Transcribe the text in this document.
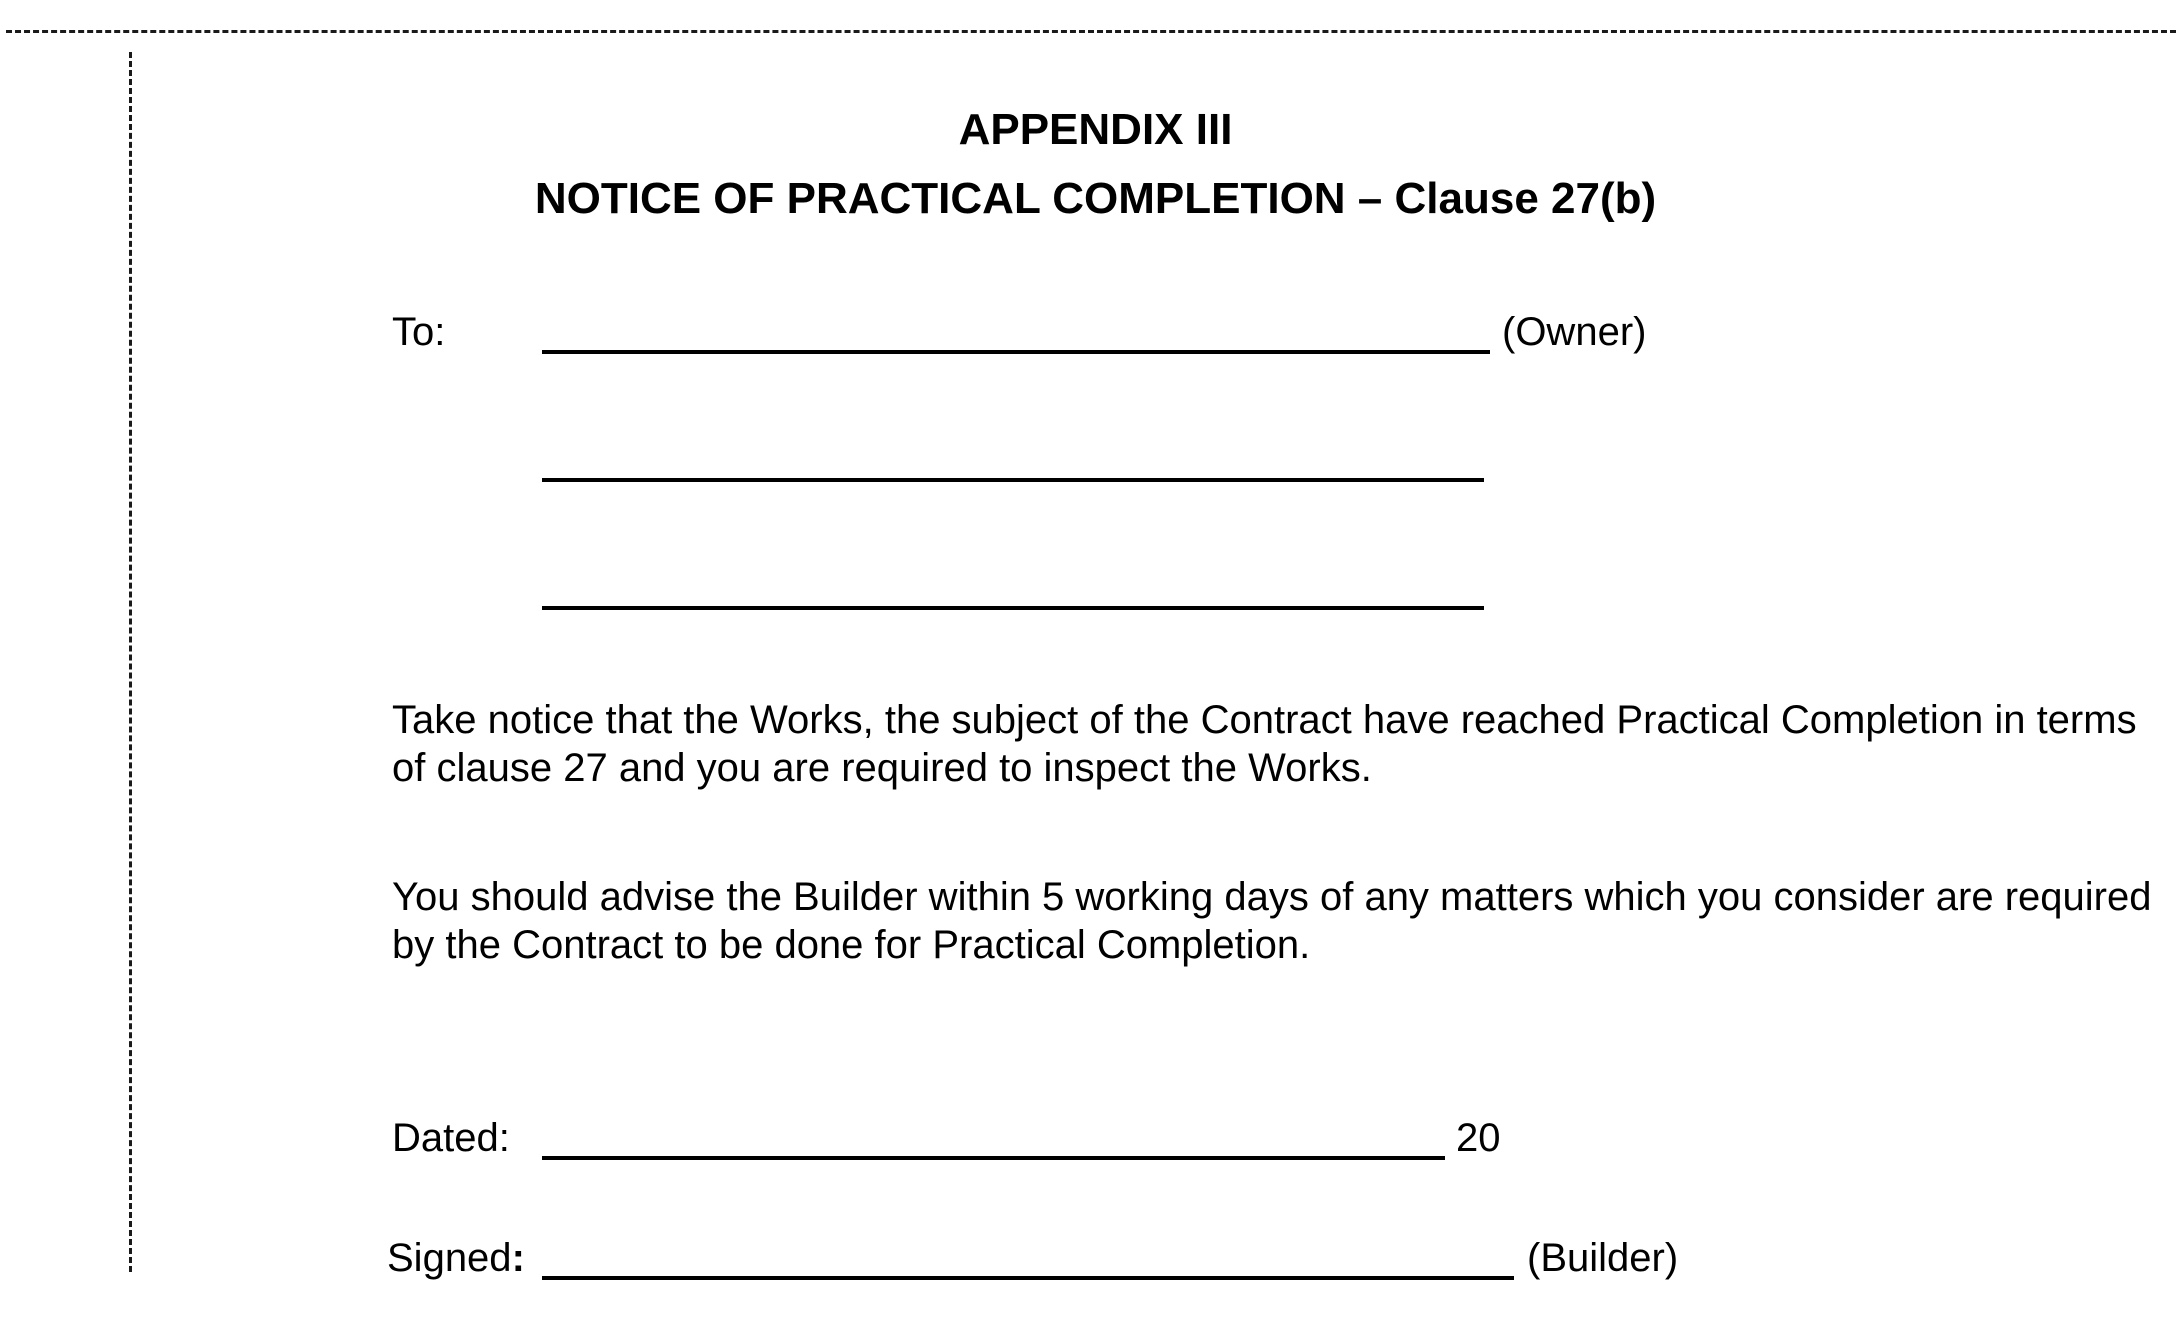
APPENDIX III
NOTICE OF PRACTICAL COMPLETION – Clause 27(b)
To:	(Owner)

Take notice that the Works, the subject of the Contract have reached Practical Completion in terms of clause 27 and you are required to inspect the Works.

You should advise the Builder within 5 working days of any matters which you consider are required by the Contract to be done for Practical Completion.

Dated:	20
Signed:	(Builder)
